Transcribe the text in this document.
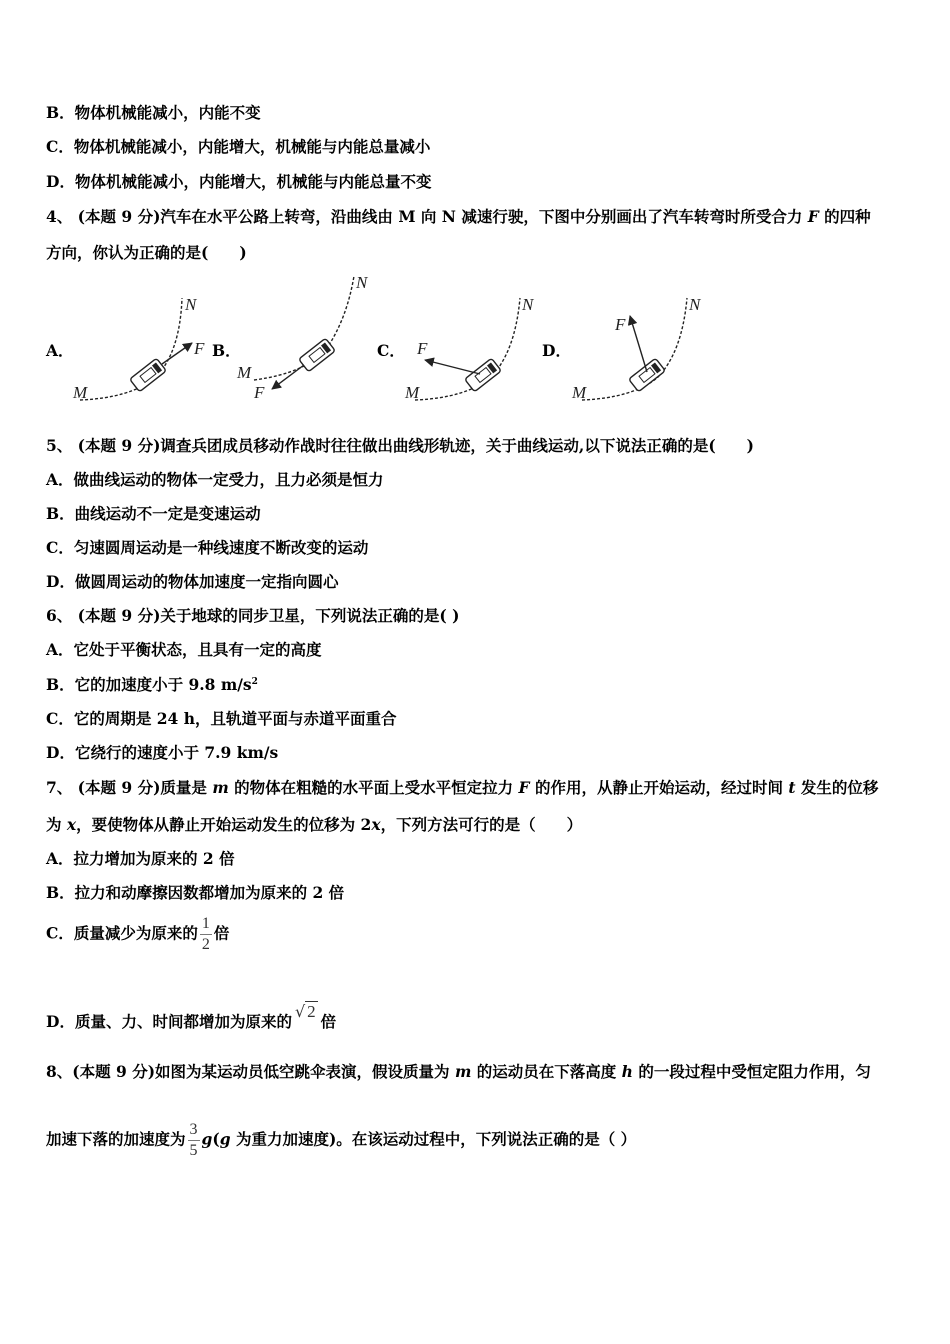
B．物体机械能减小，内能不变
C．物体机械能减小，内能增大，机械能与内能总量减小
D．物体机械能减小，内能增大，机械能与内能总量不变
4、 (本题 9 分)汽车在水平公路上转弯，沿曲线由 M 向 N 减速行驶，下图中分别画出了汽车转弯时所受合力 F 的四种
方向，你认为正确的是(　　)
A．	B．	C．	D．
M
N
F
M
N
F	M
N
F
M
N
F
5、 (本题 9 分)调查兵团成员移动作战时往往做出曲线形轨迹，关于曲线运动,以下说法正确的是(　　)
A．做曲线运动的物体一定受力，且力必须是恒力
B．曲线运动不一定是变速运动
C．匀速圆周运动是一种线速度不断改变的运动
D．做圆周运动的物体加速度一定指向圆心
6、 (本题 9 分)关于地球的同步卫星，下列说法正确的是( )
A．它处于平衡状态，且具有一定的高度
B．它的加速度小于 9.8 $m/s^2$
C．它的周期是 24 h，且轨道平面与赤道平面重合
D．它绕行的速度小于 7.9 km/s
7、 (本题 9 分)质量是 m 的物体在粗糙的水平面上受水平恒定拉力 F 的作用，从静止开始运动，经过时间 t 发生的位移
为 x，要使物体从静止开始运动发生的位移为 2x，下列方法可行的是（　　）
A．拉力增加为原来的 2 倍
B．拉力和动摩擦因数都增加为原来的 2 倍
C．质量减少为原来的 $\frac{1}{2}$ 倍
D．质量、力、时间都增加为原来的√ 2倍
8、(本题 9 分)如图为某运动员低空跳伞表演，假设质量为 m 的运动员在下落高度 h 的一段过程中受恒定阻力作用，匀
加速下落的加速度为 $\frac{3}{5} g(g$ 为重力加速度)。在该运动过程中，下列说法正确的是（ ）
